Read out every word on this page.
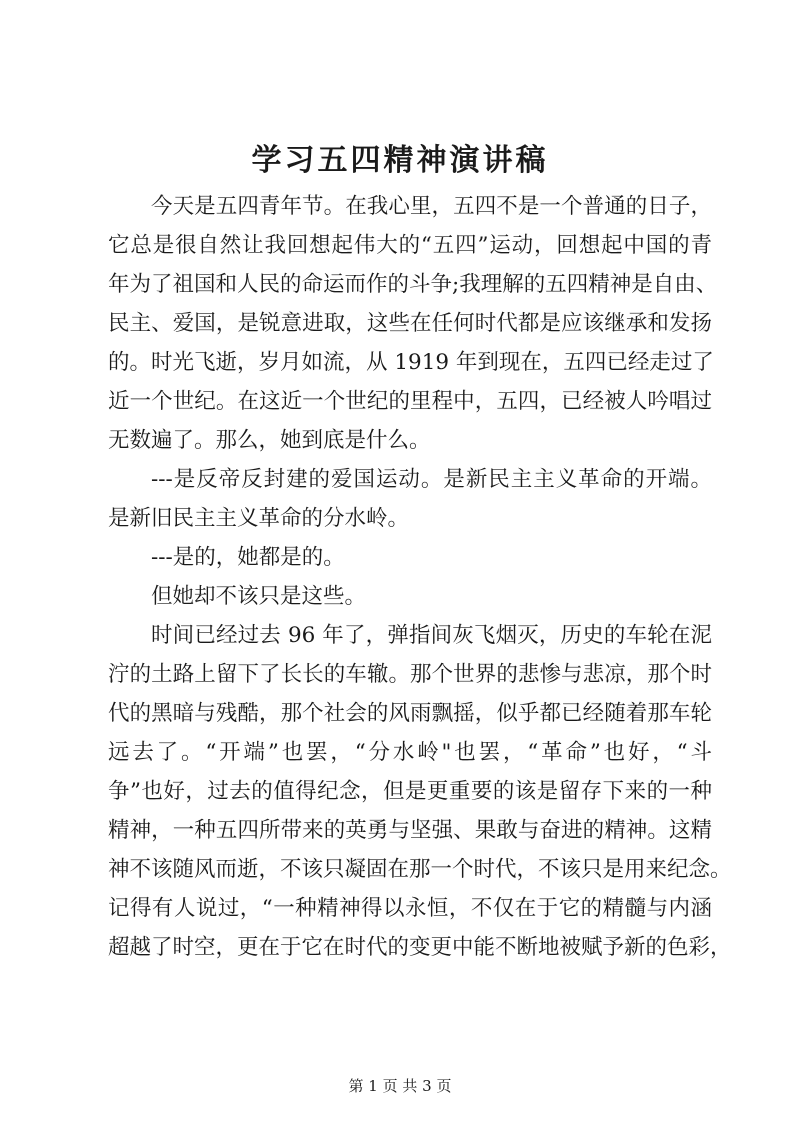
学习五四精神演讲稿

今天是五四青年节。在我心里，五四不是一个普通的日子，
它总是很自然让我回想起伟大的“五四”运动，回想起中国的青
年为了祖国和人民的命运而作的斗争;我理解的五四精神是自由、
民主、爱国，是锐意进取，这些在任何时代都是应该继承和发扬
的。时光飞逝，岁月如流，从 1919 年到现在，五四已经走过了
近一个世纪。在这近一个世纪的里程中，五四，已经被人吟唱过
无数遍了。那么，她到底是什么。

---是反帝反封建的爱国运动。是新民主主义革命的开端。
是新旧民主主义革命的分水岭。

---是的，她都是的。

但她却不该只是这些。

时间已经过去 96 年了，弹指间灰飞烟灭，历史的车轮在泥
泞的土路上留下了长长的车辙。那个世界的悲惨与悲凉，那个时
代的黑暗与残酷，那个社会的风雨飘摇，似乎都已经随着那车轮
远去了。“开端”也罢，“分水岭"也罢，“革命”也好，“斗
争”也好，过去的值得纪念，但是更重要的该是留存下来的一种
精神，一种五四所带来的英勇与坚强、果敢与奋进的精神。这精
神不该随风而逝，不该只凝固在那一个时代，不该只是用来纪念。
记得有人说过，“一种精神得以永恒，不仅在于它的精髓与内涵
超越了时空，更在于它在时代的变更中能不断地被赋予新的色彩，

第 1 页 共 3 页
